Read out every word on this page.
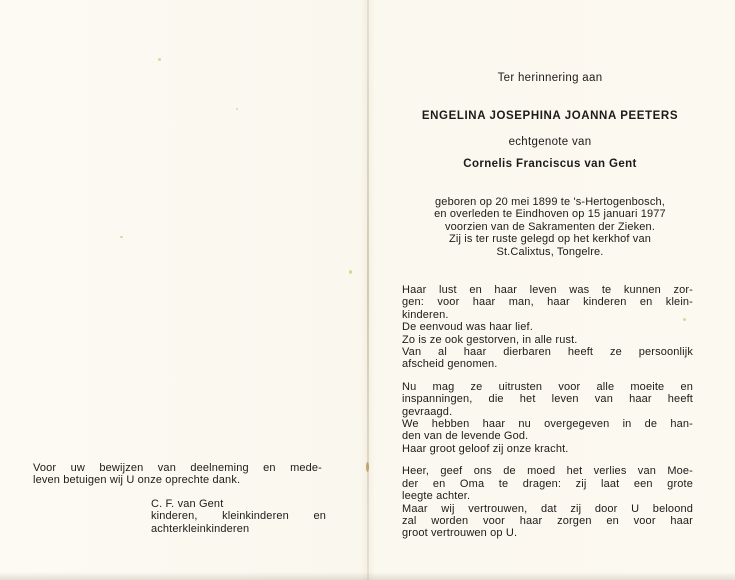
Ter herinnering aan
ENGELINA JOSEPHINA JOANNA PEETERS
echtgenote van
Cornelis Franciscus van Gent
geboren op 20 mei 1899 te 's-Hertogenbosch,
en overleden te Eindhoven op 15 januari 1977
voorzien van de Sakramenten der Zieken.
Zij is ter ruste gelegd op het kerkhof van
St.Calixtus, Tongelre.
Haar lust en haar leven was te kunnen zor-
gen: voor haar man, haar kinderen en klein-
kinderen.
De eenvoud was haar lief.
Zo is ze ook gestorven, in alle rust.
Van al haar dierbaren heeft ze persoonlijk
afscheid genomen.
Nu mag ze uitrusten voor alle moeite en
inspanningen, die het leven van haar heeft
gevraagd.
We hebben haar nu overgegeven in de han-
den van de levende God.
Haar groot geloof zij onze kracht.
Heer, geef ons de moed het verlies van Moe-
der en Oma te dragen: zij laat een grote
leegte achter.
Maar wij vertrouwen, dat zij door U beloond
zal worden voor haar zorgen en voor haar
groot vertrouwen op U.
Voor uw bewijzen van deelneming en mede-
leven betuigen wij U onze oprechte dank.
C. F. van Gent
kinderen, kleinkinderen en
achterkleinkinderen
